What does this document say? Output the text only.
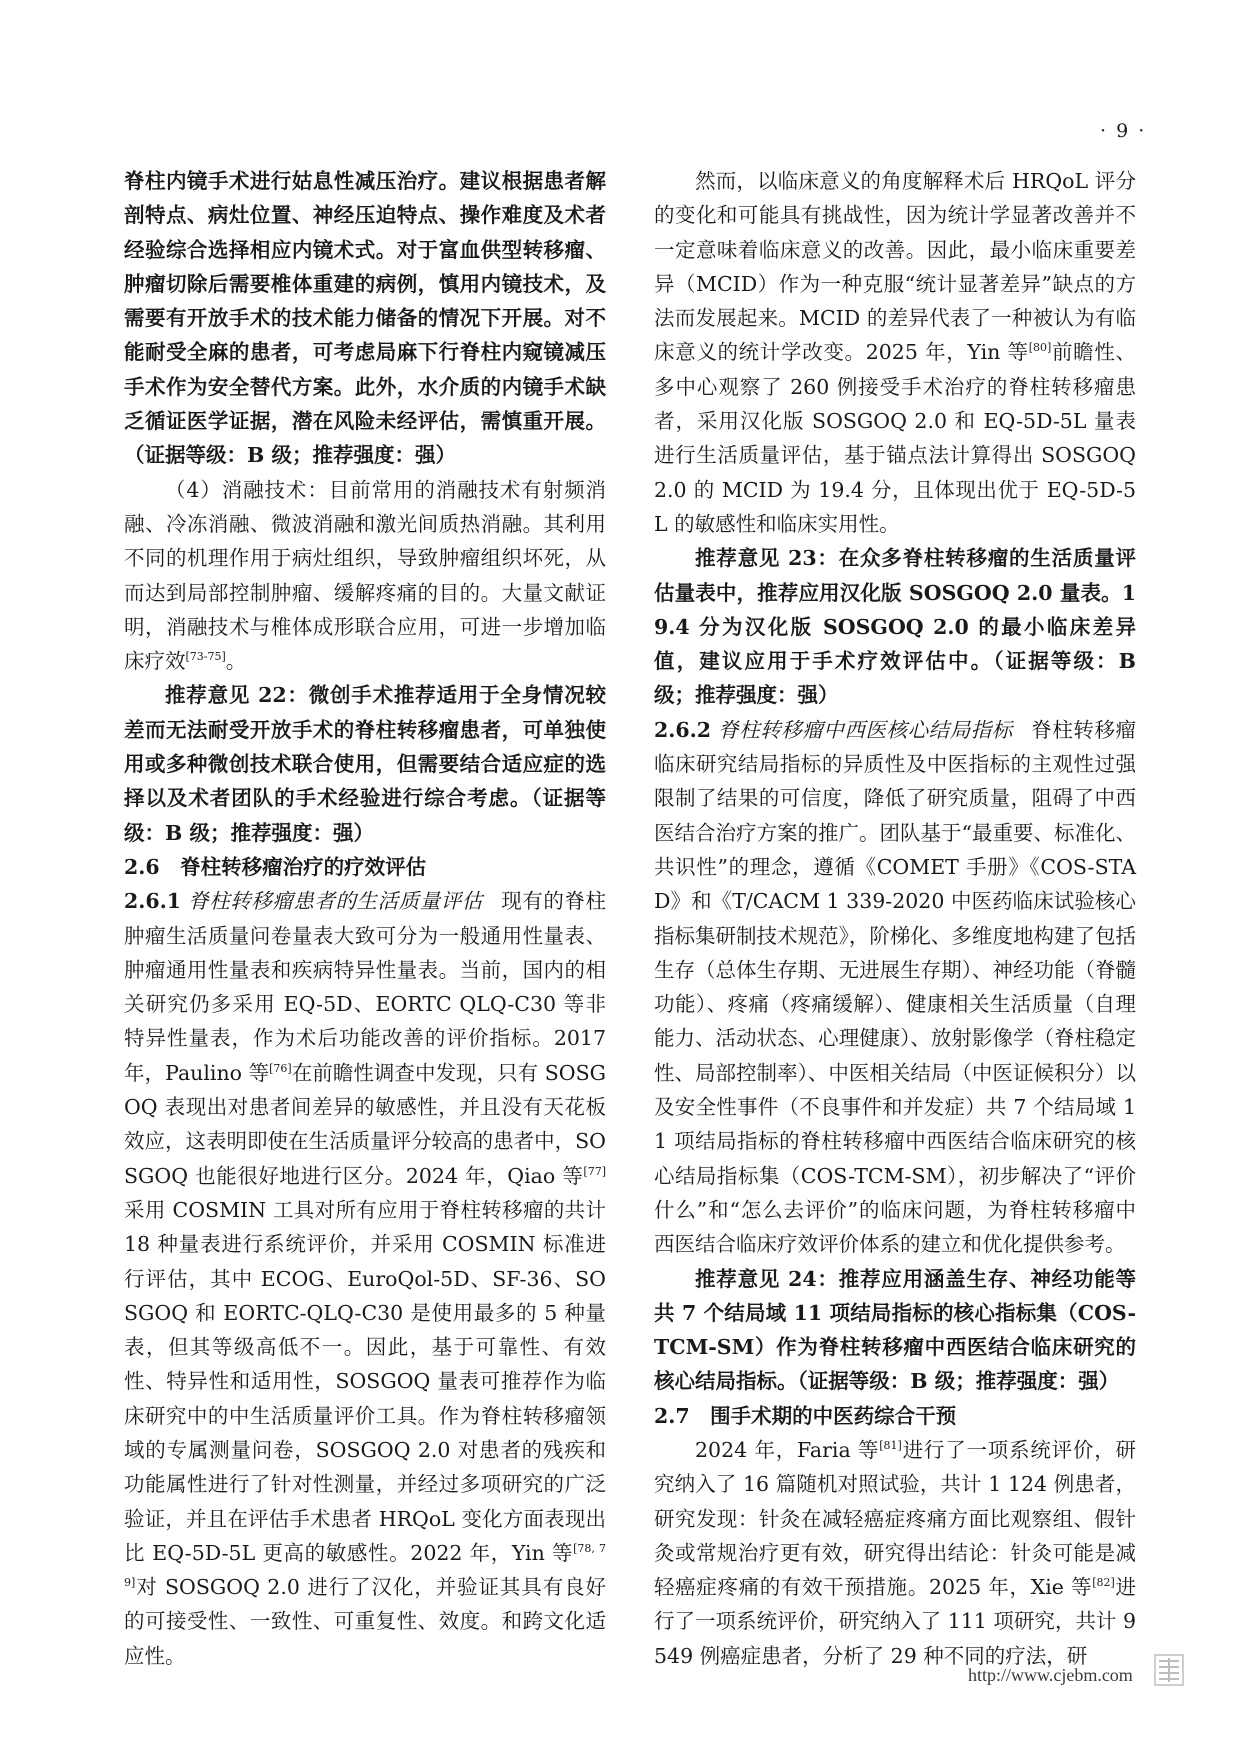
· 9 ·

脊柱内镜手术进行姑息性减压治疗。建议根据患者解剖特点、病灶位置、神经压迫特点、操作难度及术者经验综合选择相应内镜术式。对于富血供型转移瘤、肿瘤切除后需要椎体重建的病例，慎用内镜技术，及需要有开放手术的技术能力储备的情况下开展。对不能耐受全麻的患者，可考虑局麻下行脊柱内窥镜减压手术作为安全替代方案。此外，水介质的内镜手术缺乏循证医学证据，潜在风险未经评估，需慎重开展。（证据等级：B 级；推荐强度：强）

（4）消融技术：目前常用的消融技术有射频消融、冷冻消融、微波消融和激光间质热消融。其利用不同的机理作用于病灶组织，导致肿瘤组织坏死，从而达到局部控制肿瘤、缓解疼痛的目的。大量文献证明，消融技术与椎体成形联合应用，可进一步增加临床疗效[73-75]。

推荐意见 22：微创手术推荐适用于全身情况较差而无法耐受开放手术的脊柱转移瘤患者，可单独使用或多种微创技术联合使用，但需要结合适应症的选择以及术者团队的手术经验进行综合考虑。（证据等级：B 级；推荐强度：强）

2.6　脊柱转移瘤治疗的疗效评估

2.6.1 脊柱转移瘤患者的生活质量评估 现有的脊柱肿瘤生活质量问卷量表大致可分为一般通用性量表、肿瘤通用性量表和疾病特异性量表。当前，国内的相关研究仍多采用 EQ-5D、EORTC QLQ-C30 等非特异性量表，作为术后功能改善的评价指标。2017 年，Paulino 等[76]在前瞻性调查中发现，只有 SOSGOQ 表现出对患者间差异的敏感性，并且没有天花板效应，这表明即使在生活质量评分较高的患者中，SOSGOQ 也能很好地进行区分。2024 年，Qiao 等[77]采用 COSMIN 工具对所有应用于脊柱转移瘤的共计 18 种量表进行系统评价，并采用 COSMIN 标准进行评估，其中 ECOG、EuroQol-5D、SF-36、SOSGOQ 和 EORTC-QLQ-C30 是使用最多的 5 种量表，但其等级高低不一。因此，基于可靠性、有效性、特异性和适用性，SOSGOQ 量表可推荐作为临床研究中的中生活质量评价工具。作为脊柱转移瘤领域的专属测量问卷，SOSGOQ 2.0 对患者的残疾和功能属性进行了针对性测量，并经过多项研究的广泛验证，并且在评估手术患者 HRQoL 变化方面表现出比 EQ-5D-5L 更高的敏感性。2022 年，Yin 等[78, 79]对 SOSGOQ 2.0 进行了汉化，并验证其具有良好的可接受性、一致性、可重复性、效度。和跨文化适应性。

然而，以临床意义的角度解释术后 HRQoL 评分的变化和可能具有挑战性，因为统计学显著改善并不一定意味着临床意义的改善。因此，最小临床重要差异（MCID）作为一种克服“统计显著差异”缺点的方法而发展起来。MCID 的差异代表了一种被认为有临床意义的统计学改变。2025 年，Yin 等[80]前瞻性、多中心观察了 260 例接受手术治疗的脊柱转移瘤患者，采用汉化版 SOSGOQ 2.0 和 EQ-5D-5L 量表进行生活质量评估，基于锚点法计算得出 SOSGOQ 2.0 的 MCID 为 19.4 分，且体现出优于 EQ-5D-5L 的敏感性和临床实用性。

推荐意见 23：在众多脊柱转移瘤的生活质量评估量表中，推荐应用汉化版 SOSGOQ 2.0 量表。19.4 分为汉化版 SOSGOQ 2.0 的最小临床差异值，建议应用于手术疗效评估中。（证据等级：B 级；推荐强度：强）

2.6.2 脊柱转移瘤中西医核心结局指标 脊柱转移瘤临床研究结局指标的异质性及中医指标的主观性过强限制了结果的可信度，降低了研究质量，阻碍了中西医结合治疗方案的推广。团队基于“最重要、标准化、共识性”的理念，遵循《COMET 手册》《COS-STAD》和《T/CACM 1 339-2020 中医药临床试验核心指标集研制技术规范》，阶梯化、多维度地构建了包括生存（总体生存期、无进展生存期）、神经功能（脊髓功能）、疼痛（疼痛缓解）、健康相关生活质量（自理能力、活动状态、心理健康）、放射影像学（脊柱稳定性、局部控制率）、中医相关结局（中医证候积分）以及安全性事件（不良事件和并发症）共 7 个结局域 11 项结局指标的脊柱转移瘤中西医结合临床研究的核心结局指标集（COS-TCM-SM），初步解决了“评价什么”和“怎么去评价”的临床问题，为脊柱转移瘤中西医结合临床疗效评价体系的建立和优化提供参考。

推荐意见 24：推荐应用涵盖生存、神经功能等共 7 个结局域 11 项结局指标的核心指标集（COS-TCM-SM）作为脊柱转移瘤中西医结合临床研究的核心结局指标。（证据等级：B 级；推荐强度：强）

2.7　围手术期的中医药综合干预

2024 年，Faria 等[81]进行了一项系统评价，研究纳入了 16 篇随机对照试验，共计 1 124 例患者，研究发现：针灸在减轻癌症疼痛方面比观察组、假针灸或常规治疗更有效，研究得出结论：针灸可能是减轻癌症疼痛的有效干预措施。2025 年，Xie 等[82]进行了一项系统评价，研究纳入了 111 项研究，共计 9 549 例癌症患者，分析了 29 种不同的疗法，研

http://www.cjebm.com
